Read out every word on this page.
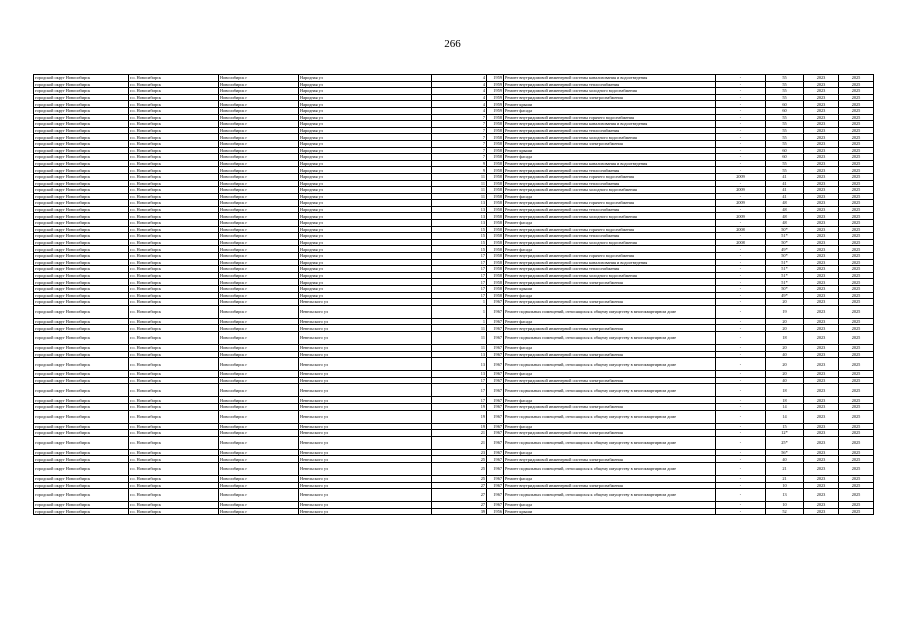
266
городской округ Новосибирск	г.о. Новосибирск	Новосибирск г	Народная ул	4	1959	Ремонт внутридомовой инженерной системы канализования и водоотведения	-	55	2023	2025
городской округ Новосибирск	г.о. Новосибирск	Новосибирск г	Народная ул	4	1959	Ремонт внутридомовой инженерной системы теплоснабжения	-	55	2023	2025
городской округ Новосибирск	г.о. Новосибирск	Новосибирск г	Народная ул	4	1959	Ремонт внутридомовой инженерной системы холодного водоснабжения	-	55	2023	2025
городской округ Новосибирск	г.о. Новосибирск	Новосибирск г	Народная ул	4	1959	Ремонт внутридомовой инженерной системы электроснабжения	-	55	2023	2025
городской округ Новосибирск	г.о. Новосибирск	Новосибирск г	Народная ул	4	1959	Ремонт крыши	-	60	2023	2025
городской округ Новосибирск	г.о. Новосибирск	Новосибирск г	Народная ул	4	1959	Ремонт фасада	-	60	2023	2025
городской округ Новосибирск	г.о. Новосибирск	Новосибирск г	Народная ул	7	1958	Ремонт внутридомовой инженерной системы горячего водоснабжения	-	55	2023	2025
городской округ Новосибирск	г.о. Новосибирск	Новосибирск г	Народная ул	7	1958	Ремонт внутридомовой инженерной системы канализования и водоотведения	-	55	2023	2025
городской округ Новосибирск	г.о. Новосибирск	Новосибирск г	Народная ул	7	1958	Ремонт внутридомовой инженерной системы теплоснабжения	-	55	2023	2025
городской округ Новосибирск	г.о. Новосибирск	Новосибирск г	Народная ул	7	1958	Ремонт внутридомовой инженерной системы холодного водоснабжения	-	55	2023	2025
городской округ Новосибирск	г.о. Новосибирск	Новосибирск г	Народная ул	7	1958	Ремонт внутридомовой инженерной системы электроснабжения	-	55	2023	2025
городской округ Новосибирск	г.о. Новосибирск	Новосибирск г	Народная ул	7	1958	Ремонт крыши	-	60	2023	2025
городской округ Новосибирск	г.о. Новосибирск	Новосибирск г	Народная ул	7	1958	Ремонт фасада	-	60	2023	2025
городской округ Новосибирск	г.о. Новосибирск	Новосибирск г	Народная ул	9	1958	Ремонт внутридомовой инженерной системы канализования и водоотведения	-	55	2023	2025
городской округ Новосибирск	г.о. Новосибирск	Новосибирск г	Народная ул	9	1958	Ремонт внутридомовой инженерной системы теплоснабжения	-	55	2023	2025
городской округ Новосибирск	г.о. Новосибирск	Новосибирск г	Народная ул	11	1958	Ремонт внутридомовой инженерной системы горячего водоснабжения	2009	41	2023	2025
городской округ Новосибирск	г.о. Новосибирск	Новосибирск г	Народная ул	11	1958	Ремонт внутридомовой инженерной системы теплоснабжения	-	41	2023	2025
городской округ Новосибирск	г.о. Новосибирск	Новосибирск г	Народная ул	11	1958	Ремонт внутридомовой инженерной системы холодного водоснабжения	2009	41	2023	2025
городской округ Новосибирск	г.о. Новосибирск	Новосибирск г	Народная ул	11	1958	Ремонт фасада	-	41	2023	2025
городской округ Новосибирск	г.о. Новосибирск	Новосибирск г	Народная ул	13	1958	Ремонт внутридомовой инженерной системы горячего водоснабжения	2009	48	2023	2025
городской округ Новосибирск	г.о. Новосибирск	Новосибирск г	Народная ул	13	1958	Ремонт внутридомовой инженерной системы теплоснабжения	-	48	2023	2025
городской округ Новосибирск	г.о. Новосибирск	Новосибирск г	Народная ул	13	1958	Ремонт внутридомовой инженерной системы холодного водоснабжения	2009	48	2023	2025
городской округ Новосибирск	г.о. Новосибирск	Новосибирск г	Народная ул	13	1958	Ремонт фасада	-	48	2023	2025
городской округ Новосибирск	г.о. Новосибирск	Новосибирск г	Народная ул	15	1958	Ремонт внутридомовой инженерной системы горячего водоснабжения	2008	50*	2023	2025
городской округ Новосибирск	г.о. Новосибирск	Новосибирск г	Народная ул	15	1958	Ремонт внутридомовой инженерной системы теплоснабжения	-	51*	2023	2025
городской округ Новосибирск	г.о. Новосибирск	Новосибирск г	Народная ул	15	1958	Ремонт внутридомовой инженерной системы холодного водоснабжения	2008	50*	2023	2025
городской округ Новосибирск	г.о. Новосибирск	Новосибирск г	Народная ул	15	1958	Ремонт фасада	-	49*	2023	2025
городской округ Новосибирск	г.о. Новосибирск	Новосибирск г	Народная ул	17	1958	Ремонт внутридомовой инженерной системы горячего водоснабжения	-	50*	2023	2025
городской округ Новосибирск	г.о. Новосибирск	Новосибирск г	Народная ул	17	1958	Ремонт внутридомовой инженерной системы канализования и водоотведения	-	51*	2023	2025
городской округ Новосибирск	г.о. Новосибирск	Новосибирск г	Народная ул	17	1958	Ремонт внутридомовой инженерной системы теплоснабжения	-	51*	2023	2025
городской округ Новосибирск	г.о. Новосибирск	Новосибирск г	Народная ул	17	1958	Ремонт внутридомовой инженерной системы холодного водоснабжения	-	51*	2023	2025
городской округ Новосибирск	г.о. Новосибирск	Новосибирск г	Народная ул	17	1958	Ремонт внутридомовой инженерной системы электроснабжения	-	51*	2023	2025
городской округ Новосибирск	г.о. Новосибирск	Новосибирск г	Народная ул	17	1958	Ремонт крыши	-	50*	2023	2025
городской округ Новосибирск	г.о. Новосибирск	Новосибирск г	Народная ул	17	1958	Ремонт фасада	-	49*	2023	2025
городской округ Новосибирск	г.о. Новосибирск	Новосибирск г	Невельского ул	1	1967	Ремонт внутридомовой инженерной системы электроснабжения	-	20	2023	2025
городской округ Новосибирск	г.о. Новосибирск	Новосибирск г	Невельского ул	1	1967	Ремонт подвальных помещений, относящихся к общему имуществу в многоквартирном доме	-	19	2023	2025
городской округ Новосибирск	г.о. Новосибирск	Новосибирск г	Невельского ул	1	1967	Ремонт фасада	-	20	2023	2025
городской округ Новосибирск	г.о. Новосибирск	Новосибирск г	Невельского ул	11	1967	Ремонт внутридомовой инженерной системы электроснабжения	-	20	2023	2025
городской округ Новосибирск	г.о. Новосибирск	Новосибирск г	Невельского ул	11	1967	Ремонт подвальных помещений, относящихся к общему имуществу в многоквартирном доме	-	18	2023	2025
городской округ Новосибирск	г.о. Новосибирск	Новосибирск г	Невельского ул	11	1967	Ремонт фасада	-	20	2023	2025
городской округ Новосибирск	г.о. Новосибирск	Новосибирск г	Невельского ул	13	1967	Ремонт внутридомовой инженерной системы электроснабжения	-	40	2023	2025
городской округ Новосибирск	г.о. Новосибирск	Новосибирск г	Невельского ул	13	1967	Ремонт подвальных помещений, относящихся к общему имуществу в многоквартирном доме	-	20	2023	2025
городской округ Новосибирск	г.о. Новосибирск	Новосибирск г	Невельского ул	13	1967	Ремонт фасада	-	20	2023	2025
городской округ Новосибирск	г.о. Новосибирск	Новосибирск г	Невельского ул	17	1967	Ремонт внутридомовой инженерной системы электроснабжения	-	40	2023	2025
городской округ Новосибирск	г.о. Новосибирск	Новосибирск г	Невельского ул	17	1967	Ремонт подвальных помещений, относящихся к общему имуществу в многоквартирном доме	-	18	2023	2025
городской округ Новосибирск	г.о. Новосибирск	Новосибирск г	Невельского ул	17	1967	Ремонт фасада	-	18	2023	2025
городской округ Новосибирск	г.о. Новосибирск	Новосибирск г	Невельского ул	19	1967	Ремонт внутридомовой инженерной системы электроснабжения	-	14	2023	2025
городской округ Новосибирск	г.о. Новосибирск	Новосибирск г	Невельского ул	19	1967	Ремонт подвальных помещений, относящихся к общему имуществу в многоквартирном доме	-	14	2023	2025
городской округ Новосибирск	г.о. Новосибирск	Новосибирск г	Невельского ул	19	1967	Ремонт фасада	-	15	2023	2025
городской округ Новосибирск	г.о. Новосибирск	Новосибирск г	Невельского ул	21	1967	Ремонт внутридомовой инженерной системы электроснабжения	-	12*	2023	2025
городской округ Новосибирск	г.о. Новосибирск	Новосибирск г	Невельского ул	21	1967	Ремонт подвальных помещений, относящихся к общему имуществу в многоквартирном доме	-	25*	2023	2025
городской округ Новосибирск	г.о. Новосибирск	Новосибирск г	Невельского ул	23	1967	Ремонт фасада	-	56*	2023	2025
городской округ Новосибирск	г.о. Новосибирск	Новосибирск г	Невельского ул	25	1967	Ремонт внутридомовой инженерной системы электроснабжения	-	40	2023	2025
городской округ Новосибирск	г.о. Новосибирск	Новосибирск г	Невельского ул	25	1967	Ремонт подвальных помещений, относящихся к общему имуществу в многоквартирном доме	-	21	2023	2025
городской округ Новосибирск	г.о. Новосибирск	Новосибирск г	Невельского ул	25	1967	Ремонт фасада	-	21	2023	2025
городской округ Новосибирск	г.о. Новосибирск	Новосибирск г	Невельского ул	27	1967	Ремонт внутридомовой инженерной системы электроснабжения	-	10	2023	2025
городской округ Новосибирск	г.о. Новосибирск	Новосибирск г	Невельского ул	27	1967	Ремонт подвальных помещений, относящихся к общему имуществу в многоквартирном доме	-	13	2023	2025
городской округ Новосибирск	г.о. Новосибирск	Новосибирск г	Невельского ул	27	1967	Ремонт фасада	-	10	2023	2025
городской округ Новосибирск	г.о. Новосибирск	Новосибирск г	Невельского ул	39	1956	Ремонт крыши	-	52	2023	2025
